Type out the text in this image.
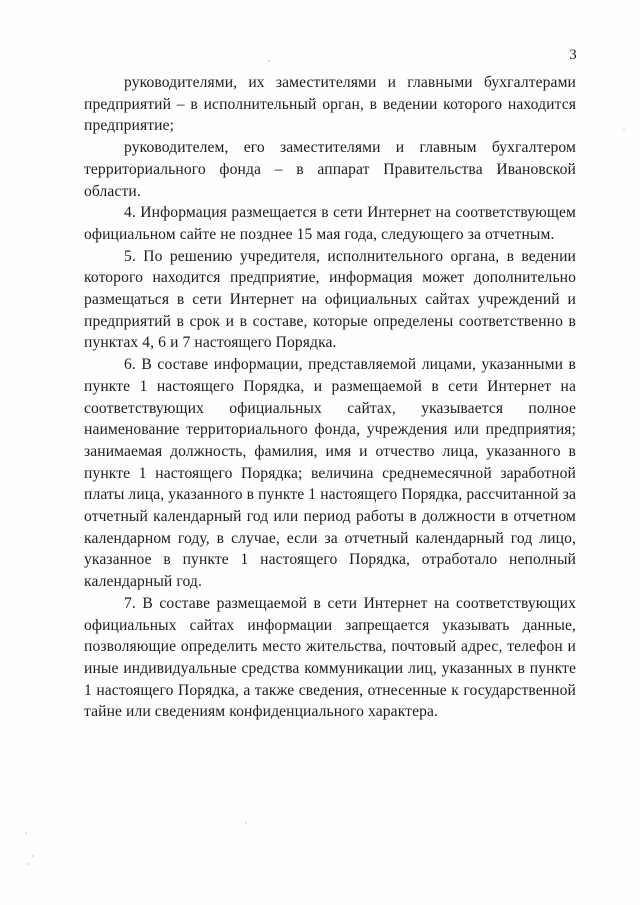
3

руководителями, их заместителями и главными бухгалтерами предприятий – в исполнительный орган, в ведении которого находится предприятие;

руководителем, его заместителями и главным бухгалтером территориального фонда – в аппарат Правительства Ивановской области.

4. Информация размещается в сети Интернет на соответствующем официальном сайте не позднее 15 мая года, следующего за отчетным.

5. По решению учредителя, исполнительного органа, в ведении которого находится предприятие, информация может дополнительно размещаться в сети Интернет на официальных сайтах учреждений и предприятий в срок и в составе, которые определены соответственно в пунктах 4, 6 и 7 настоящего Порядка.

6. В составе информации, представляемой лицами, указанными в пункте 1 настоящего Порядка, и размещаемой в сети Интернет на соответствующих официальных сайтах, указывается полное наименование территориального фонда, учреждения или предприятия; занимаемая должность, фамилия, имя и отчество лица, указанного в пункте 1 настоящего Порядка; величина среднемесячной заработной платы лица, указанного в пункте 1 настоящего Порядка, рассчитанной за отчетный календарный год или период работы в должности в отчетном календарном году, в случае, если за отчетный календарный год лицо, указанное в пункте 1 настоящего Порядка, отработало неполный календарный год.

7. В составе размещаемой в сети Интернет на соответствующих официальных сайтах информации запрещается указывать данные, позволяющие определить место жительства, почтовый адрес, телефон и иные индивидуальные средства коммуникации лиц, указанных в пункте 1 настоящего Порядка, а также сведения, отнесенные к государственной тайне или сведениям конфиденциального характера.
